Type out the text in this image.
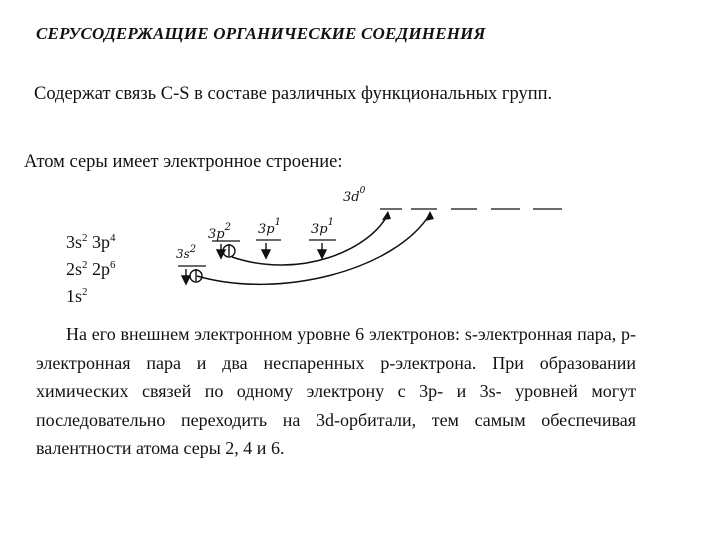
СЕРУСОДЕРЖАЩИЕ ОРГАНИЧЕСКИЕ СОЕДИНЕНИЯ
Содержат связь C-S в составе различных функциональных групп.
Атом серы имеет электронное строение:
$3s^2$ $3p^4$
$2s^2$ $2p^6$
$1s^2$
$3d^0$
$3p^2$ $3p^1$ $3p^1$
$3s^2$
На его внешнем электронном уровне 6 электронов: s-электронная пара, p-электронная пара и два неспаренных p-электрона. При образовании химических связей по одному электрону с 3p- и 3s- уровней могут последовательно переходить на 3d-орбитали, тем самым обеспечивая валентности атома серы 2, 4 и 6.
